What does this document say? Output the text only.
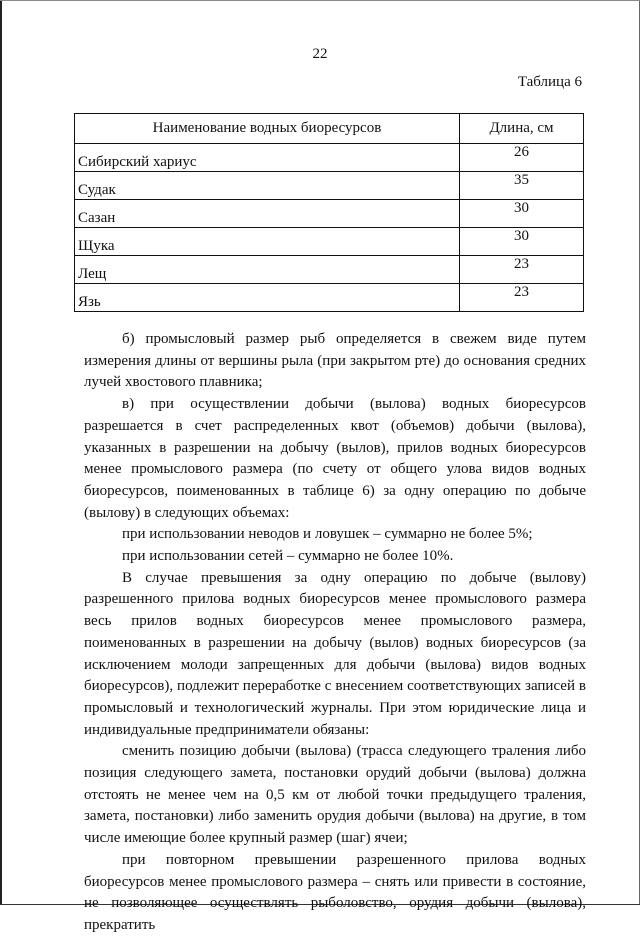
22
Таблица 6
Наименование водных биоресурсов	Длина, см
Сибирский хариус	26
Судак	35
Сазан	30
Щука	30
Лещ	23
Язь	23

б) промысловый размер рыб определяется в свежем виде путем измерения длины от вершины рыла (при закрытом рте) до основания средних лучей хвостового плавника;

в) при осуществлении добычи (вылова) водных биоресурсов разрешается в счет распределенных квот (объемов) добычи (вылова), указанных в разрешении на добычу (вылов), прилов водных биоресурсов менее промыслового размера (по счету от общего улова видов водных биоресурсов, поименованных в таблице 6) за одну операцию по добыче (вылову) в следующих объемах:

при использовании неводов и ловушек – суммарно не более 5%;

при использовании сетей – суммарно не более 10%.

В случае превышения за одну операцию по добыче (вылову) разрешенного прилова водных биоресурсов менее промыслового размера весь прилов водных биоресурсов менее промыслового размера, поименованных в разрешении на добычу (вылов) водных биоресурсов (за исключением молоди запрещенных для добычи (вылова) видов водных биоресурсов), подлежит переработке с внесением соответствующих записей в промысловый и технологический журналы. При этом юридические лица и индивидуальные предприниматели обязаны:

сменить позицию добычи (вылова) (трасса следующего траления либо позиция следующего замета, постановки орудий добычи (вылова) должна отстоять не менее чем на 0,5 км от любой точки предыдущего траления, замета, постановки) либо заменить орудия добычи (вылова) на другие, в том числе имеющие более крупный размер (шаг) ячеи;

при повторном превышении разрешенного прилова водных биоресурсов менее промыслового размера – снять или привести в состояние, не позволяющее осуществлять рыболовство, орудия добычи (вылова), прекратить
